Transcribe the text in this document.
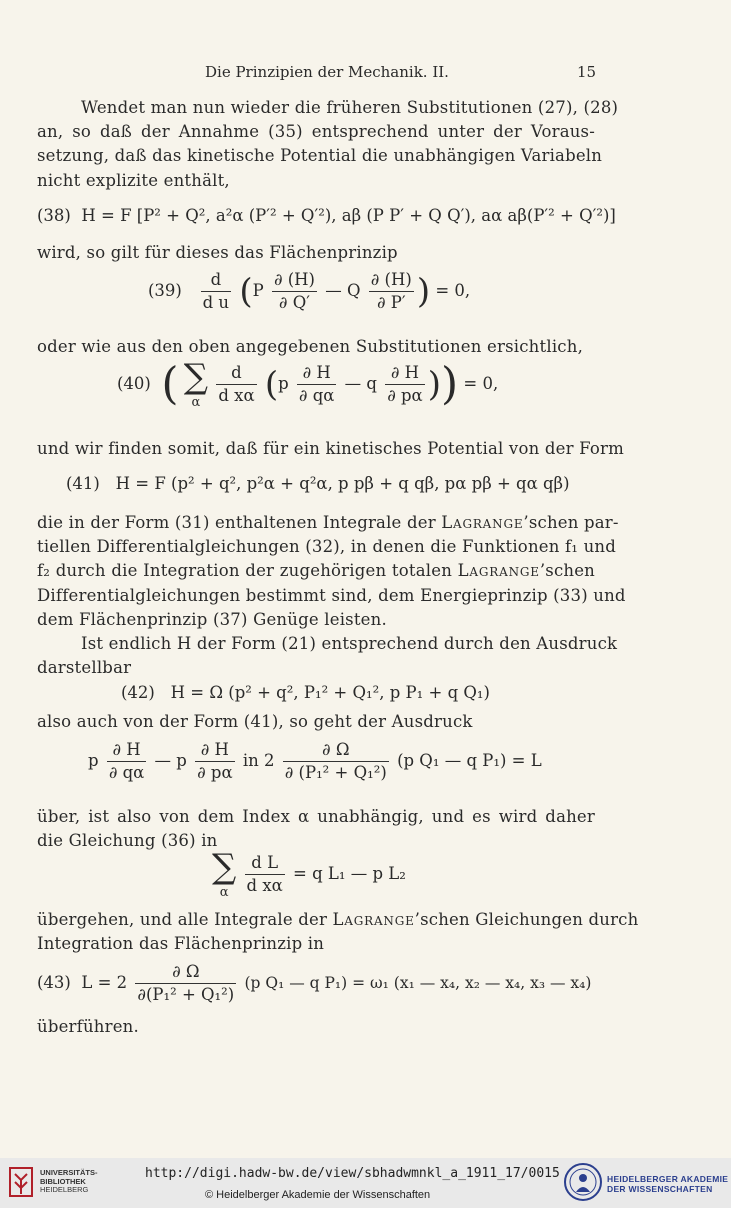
Die Prinzipien der Mechanik. II.	15
Wendet man nun wieder die früheren Substitutionen (27), (28)
an, so daß der Annahme (35) entsprechend unter der Voraus-
setzung, daß das kinetische Potential die unabhängigen Variabeln
nicht explizite enthält,
(38) H = F [P² + Q², a²α (P′² + Q′²), aβ (P P′ + Q Q′), aα aβ(P′² + Q′²)]
wird, so gilt für dieses das Flächenprinzip
$(39) \frac{d}{\text{d u}} (P \frac{\partial (H)}{\partial Q'}$ — Q $\frac{\partial (H)}{\partial P'}$ ) = 0,
oder wie aus den oben angegebenen Substitutionen ersichtlich,
(40) ( ∑
α
$\frac{d}{\text{d xα}} (p \frac{\partial H}{\partial q\alpha}$ — q $\frac{\partial H}{\partial p\alpha}$ )) = 0,
und wir finden somit, daß für ein kinetisches Potential von der Form
(41) H = F (p² + q², p²α + q²α, p pβ + q qβ, pα pβ + qα qβ)
die in der Form (31) enthaltenen Integrale der Lagrange’schen par-
tiellen Differentialgleichungen (32), in denen die Funktionen f₁ und
f₂ durch die Integration der zugehörigen totalen Lagrange’schen
Differentialgleichungen bestimmt sind, dem Energieprinzip (33) und
dem Flächenprinzip (37) Genüge leisten.
Ist endlich H der Form (21) entsprechend durch den Ausdruck
darstellbar
(42) H = Ω (p² + q², P₁² + Q₁², p P₁ + q Q₁)
also auch von der Form (41), so geht der Ausdruck
p $\frac{\partial H}{\partial q\alpha}$ — p $\frac{\partial H}{\partial p\alpha}$ in $2 \frac{\partial \Omega}{\text{∂ (P₁² + Q₁²)}} (p$ Q₁ — q P₁) = L
über, ist also von dem Index α unabhängig, und es wird daher
die Gleichung (36) in
∑
α
$\frac{\text{d L}}{\text{d xα}} = q$ L₁ — p L₂
übergehen, und alle Integrale der Lagrange’schen Gleichungen durch
Integration das Flächenprinzip in
(43) $L = 2 \frac{\partial \Omega}{\text{∂(P₁² + Q₁²)}} (p$ Q₁ — q P₁) = ω₁ (x₁ — x₄, x₂ — x₄, x₃ — x₄)
überführen.
UNIVERSITÄTS-
BIBLIOTHEK
HEIDELBERG
http://digi.hadw-bw.de/view/sbhadwmnkl_a_1911_17/0015
© Heidelberger Akademie der Wissenschaften
HEIDELBERGER AKADEMIE
DER WISSENSCHAFTEN
